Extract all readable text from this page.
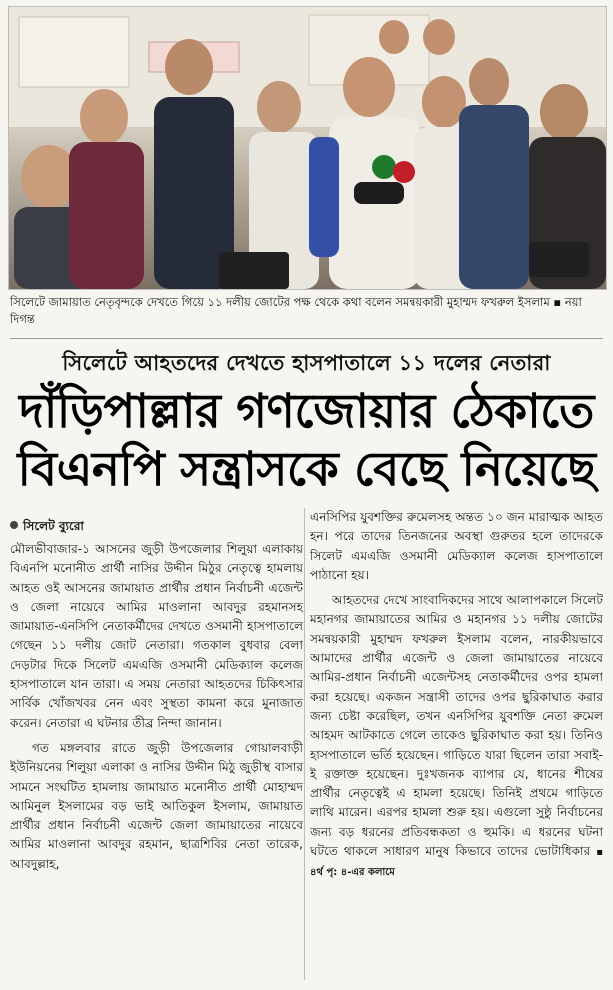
সিলেটে জামায়াত নেতৃবৃন্দকে দেখতে গিয়ে ১১ দলীয় জোটের পক্ষ থেকে কথা বলেন সমন্বয়কারী মুহাম্মদ ফখরুল ইসলাম ▪ নয়া দিগন্ত
সিলেটে আহতদের দেখতে হাসপাতালে ১১ দলের নেতারা
দাঁড়িপাল্লার গণজোয়ার ঠেকাতে
বিএনপি সন্ত্রাসকে বেছে নিয়েছে
সিলেট ব্যুরো

মৌলভীবাজার-১ আসনের জুড়ী উপজেলার শিলুয়া এলাকায় বিএনপি মনোনীত প্রার্থী নাসির উদ্দীন মিঠুর নেতৃত্বে হামলায় আহত ওই আসনের জামায়াত প্রার্থীর প্রধান নির্বাচনী এজেন্ট ও জেলা নায়েবে আমির মাওলানা আবদুর রহমানসহ জামায়াত-এনসিপি নেতাকর্মীদের দেখতে ওসমানী হাসপাতালে গেছেন ১১ দলীয় জোট নেতারা। গতকাল বুধবার বেলা দেড়টার দিকে সিলেট এমএজি ওসমানী মেডিক্যাল কলেজ হাসপাতালে যান তারা। এ সময় নেতারা আহতদের চিকিৎসার সার্বিক খোঁজখবর নেন এবং সুস্থতা কামনা করে মুনাজাত করেন। নেতারা এ ঘটনার তীব্র নিন্দা জানান।

গত মঙ্গলবার রাতে জুড়ী উপজেলার গোয়ালবাড়ী ইউনিয়নের শিলুয়া এলাকা ও নাসির উদ্দীন মিঠু জুড়ীস্থ বাসার সামনে সংঘটিত হামলায় জামায়াত মনোনীত প্রার্থী মোহাম্মদ আমিনুল ইসলামের বড় ভাই আতিকুল ইসলাম, জামায়াত প্রার্থীর প্রধান নির্বাচনী এজেন্ট জেলা জামায়াতের নায়েবে আমির মাওলানা আবদুর রহমান, ছাত্রশিবির নেতা তারেক, আবদুল্লাহ,

এনসিপির যুবশক্তির রুমেলসহ অন্তত ১০ জন মারাত্মক আহত হন। পরে তাদের তিনজনের অবস্থা গুরুতর হলে তাদেরকে সিলেট এমএজি ওসমানী মেডিক্যাল কলেজ হাসপাতালে পাঠানো হয়।

আহতদের দেখে সাংবাদিকদের সাথে আলাপকালে সিলেট মহানগর জামায়াতের আমির ও মহানগর ১১ দলীয় জোটের সমন্বয়কারী মুহাম্মদ ফখরুল ইসলাম বলেন, নারকীয়ভাবে আমাদের প্রার্থীর এজেন্ট ও জেলা জামায়াতের নায়েবে আমির-প্রধান নির্বাচনী এজেন্টসহ নেতাকর্মীদের ওপর হামলা করা হয়েছে। একজন সন্ত্রাসী তাদের ওপর ছুরিকাঘাত করার জন্য চেষ্টা করেছিল, তখন এনসিপির যুবশক্তি নেতা রুমেল আহমদ আটকাতে গেলে তাকেও ছুরিকাঘাত করা হয়। তিনিও হাসপাতালে ভর্তি হয়েছেন। গাড়িতে যারা ছিলেন তারা সবাই-ই রক্তাক্ত হয়েছেন। দুঃখজনক ব্যাপার যে, ধানের শীষের প্রার্থীর নেতৃত্বেই এ হামলা হয়েছে। তিনিই প্রথমে গাড়িতে লাথি মারেন। এরপর হামলা শুরু হয়। এগুলো সুষ্ঠু নির্বাচনের জন্য বড় ধরনের প্রতিবন্ধকতা ও হুমকি। এ ধরনের ঘটনা ঘটতে থাকলে সাধারণ মানুষ কিভাবে তাদের ভোটাধিকার ▪ ৪র্থ পৃ: ৪-এর কলামে
